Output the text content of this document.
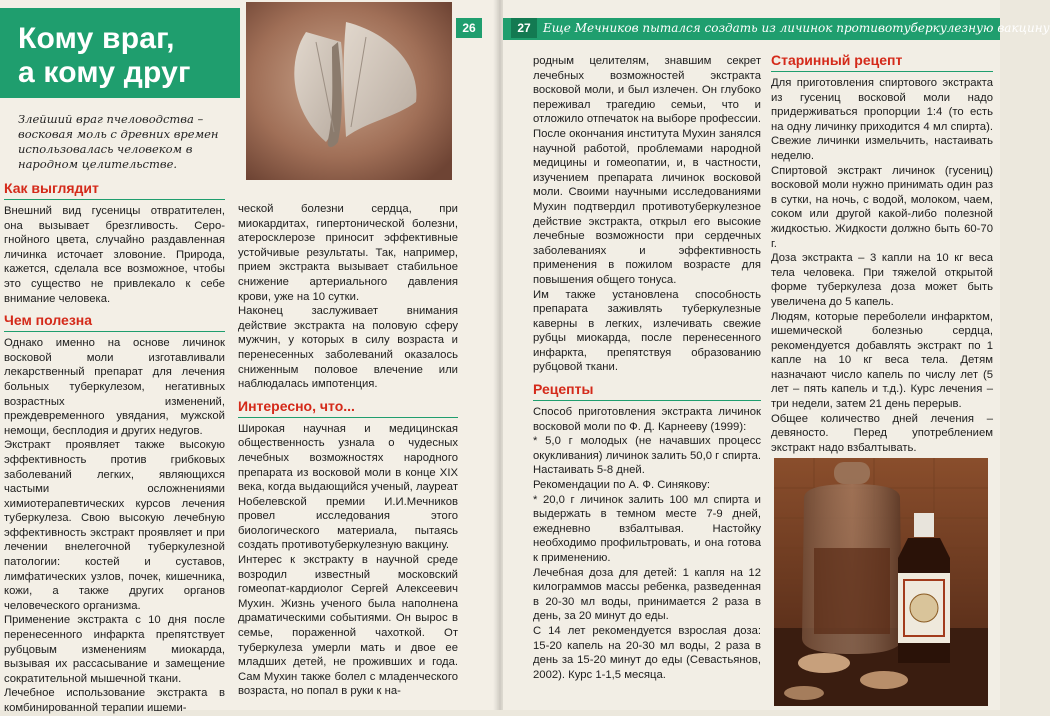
Кому враг,
а кому друг
Злейший враг пчеловодства – восковая моль с древних времен использовалась человеком в народном целительстве.
26
Как выглядит

Внешний вид гусеницы отвратителен, она вызывает брезгливость. Серо-гнойного цвета, случайно раздавленная личинка источает зловоние. Природа, кажется, сделала все возможное, чтобы это существо не привлекало к себе внимание человека.

Чем полезна

Однако именно на основе личинок восковой моли изготавливали лекарственный препарат для лечения больных туберкулезом, негативных возрастных изменений, преждевременного увядания, мужской немощи, бесплодия и других недугов.

Экстракт проявляет также высокую эффективность против грибковых заболеваний легких, являющихся частыми осложнениями химиотерапевтических курсов лечения туберкулеза. Свою высокую лечебную эффективность экстракт проявляет и при лечении внелегочной туберкулезной патологии: костей и суставов, лимфатических узлов, почек, кишечника, кожи, а также других органов человеческого организма.

Применение экстракта с 10 дня после перенесенного инфаркта препятствует рубцовым изменениям миокарда, вызывая их рассасывание и замещение сократительной мышечной ткани.

Лечебное использование экстракта в комбинированной терапии ишеми-

ческой болезни сердца, при миокардитах, гипертонической болезни, атеросклерозе приносит эффективные устойчивые результаты. Так, например, прием экстракта вызывает стабильное снижение артериального давления крови, уже на 10 сутки.

Наконец заслуживает внимания действие экстракта на половую сферу мужчин, у которых в силу возраста и перенесенных заболеваний оказалось сниженным половое влечение или наблюдалась импотенция.

Интересно, что...

Широкая научная и медицинская общественность узнала о чудесных лечебных возможностях народного препарата из восковой моли в конце XIX века, когда выдающийся ученый, лауреат Нобелевской премии И.И.Мечников провел исследования этого биологического материала, пытаясь создать противотуберкулезную вакцину.

Интерес к экстракту в научной среде возродил известный московский гомеопат-кардиолог Сергей Алексеевич Мухин. Жизнь ученого была наполнена драматическими событиями. Он вырос в семье, пораженной чахоткой. От туберкулеза умерли мать и двое ее младших детей, не проживших и года. Сам Мухин также болел с младенческого возраста, но попал в руки к на-

27	Еще Мечников пытался создать из личинок противотуберкулезную вакцину

родным целителям, знавшим секрет лечебных возможностей экстракта восковой моли, и был излечен. Он глубоко переживал трагедию семьи, что и отложило отпечаток на выборе профессии. После окончания института Мухин занялся научной работой, проблемами народной медицины и гомеопатии, и, в частности, изучением препарата личинок восковой моли. Своими научными исследованиями Мухин подтвердил противотуберкулезное действие экстракта, открыл его высокие лечебные возможности при сердечных заболеваниях и эффективность применения в пожилом возрасте для повышения общего тонуса.

Им также установлена способность препарата заживлять туберкулезные каверны в легких, излечивать свежие рубцы миокарда, после перенесенного инфаркта, препятствуя образованию рубцовой ткани.

Рецепты

Способ приготовления экстракта личинок восковой моли по Ф. Д. Карнееву (1999):

* 5,0 г молодых (не начавших процесс окукливания) личинок залить 50,0 г спирта. Настаивать 5-8 дней.

Рекомендации по А. Ф. Синякову:

* 20,0 г личинок залить 100 мл спирта и выдержать в темном месте 7-9 дней, ежедневно взбалтывая. Настойку необходимо профильтровать, и она готова к применению.

Лечебная доза для детей: 1 капля на 12 килограммов массы ребенка, разведенная в 20-30 мл воды, принимается 2 раза в день, за 20 минут до еды.

С 14 лет рекомендуется взрослая доза: 15-20 капель на 20-30 мл воды, 2 раза в день за 15-20 минут до еды (Севастьянов, 2002). Курс 1-1,5 месяца.

Старинный рецепт

Для приготовления спиртового экстракта из гусениц восковой моли надо придерживаться пропорции 1:4 (то есть на одну личинку приходится 4 мл спирта). Свежие личинки измельчить, настаивать неделю.

Спиртовой экстракт личинок (гусениц) восковой моли нужно принимать один раз в сутки, на ночь, с водой, молоком, чаем, соком или другой какой-либо полезной жидкостью. Жидкости должно быть 60-70 г.

Доза экстракта – 3 капли на 10 кг веса тела человека. При тяжелой открытой форме туберкулеза доза может быть увеличена до 5 капель.

Людям, которые переболели инфарктом, ишемической болезнью сердца, рекомендуется добавлять экстракт по 1 капле на 10 кг веса тела. Детям назначают число капель по числу лет (5 лет – пять капель и т.д.). Курс лечения – три недели, затем 21 день перерыв.

Общее количество дней лечения – девяносто. Перед употреблением экстракт надо взбалтывать.
